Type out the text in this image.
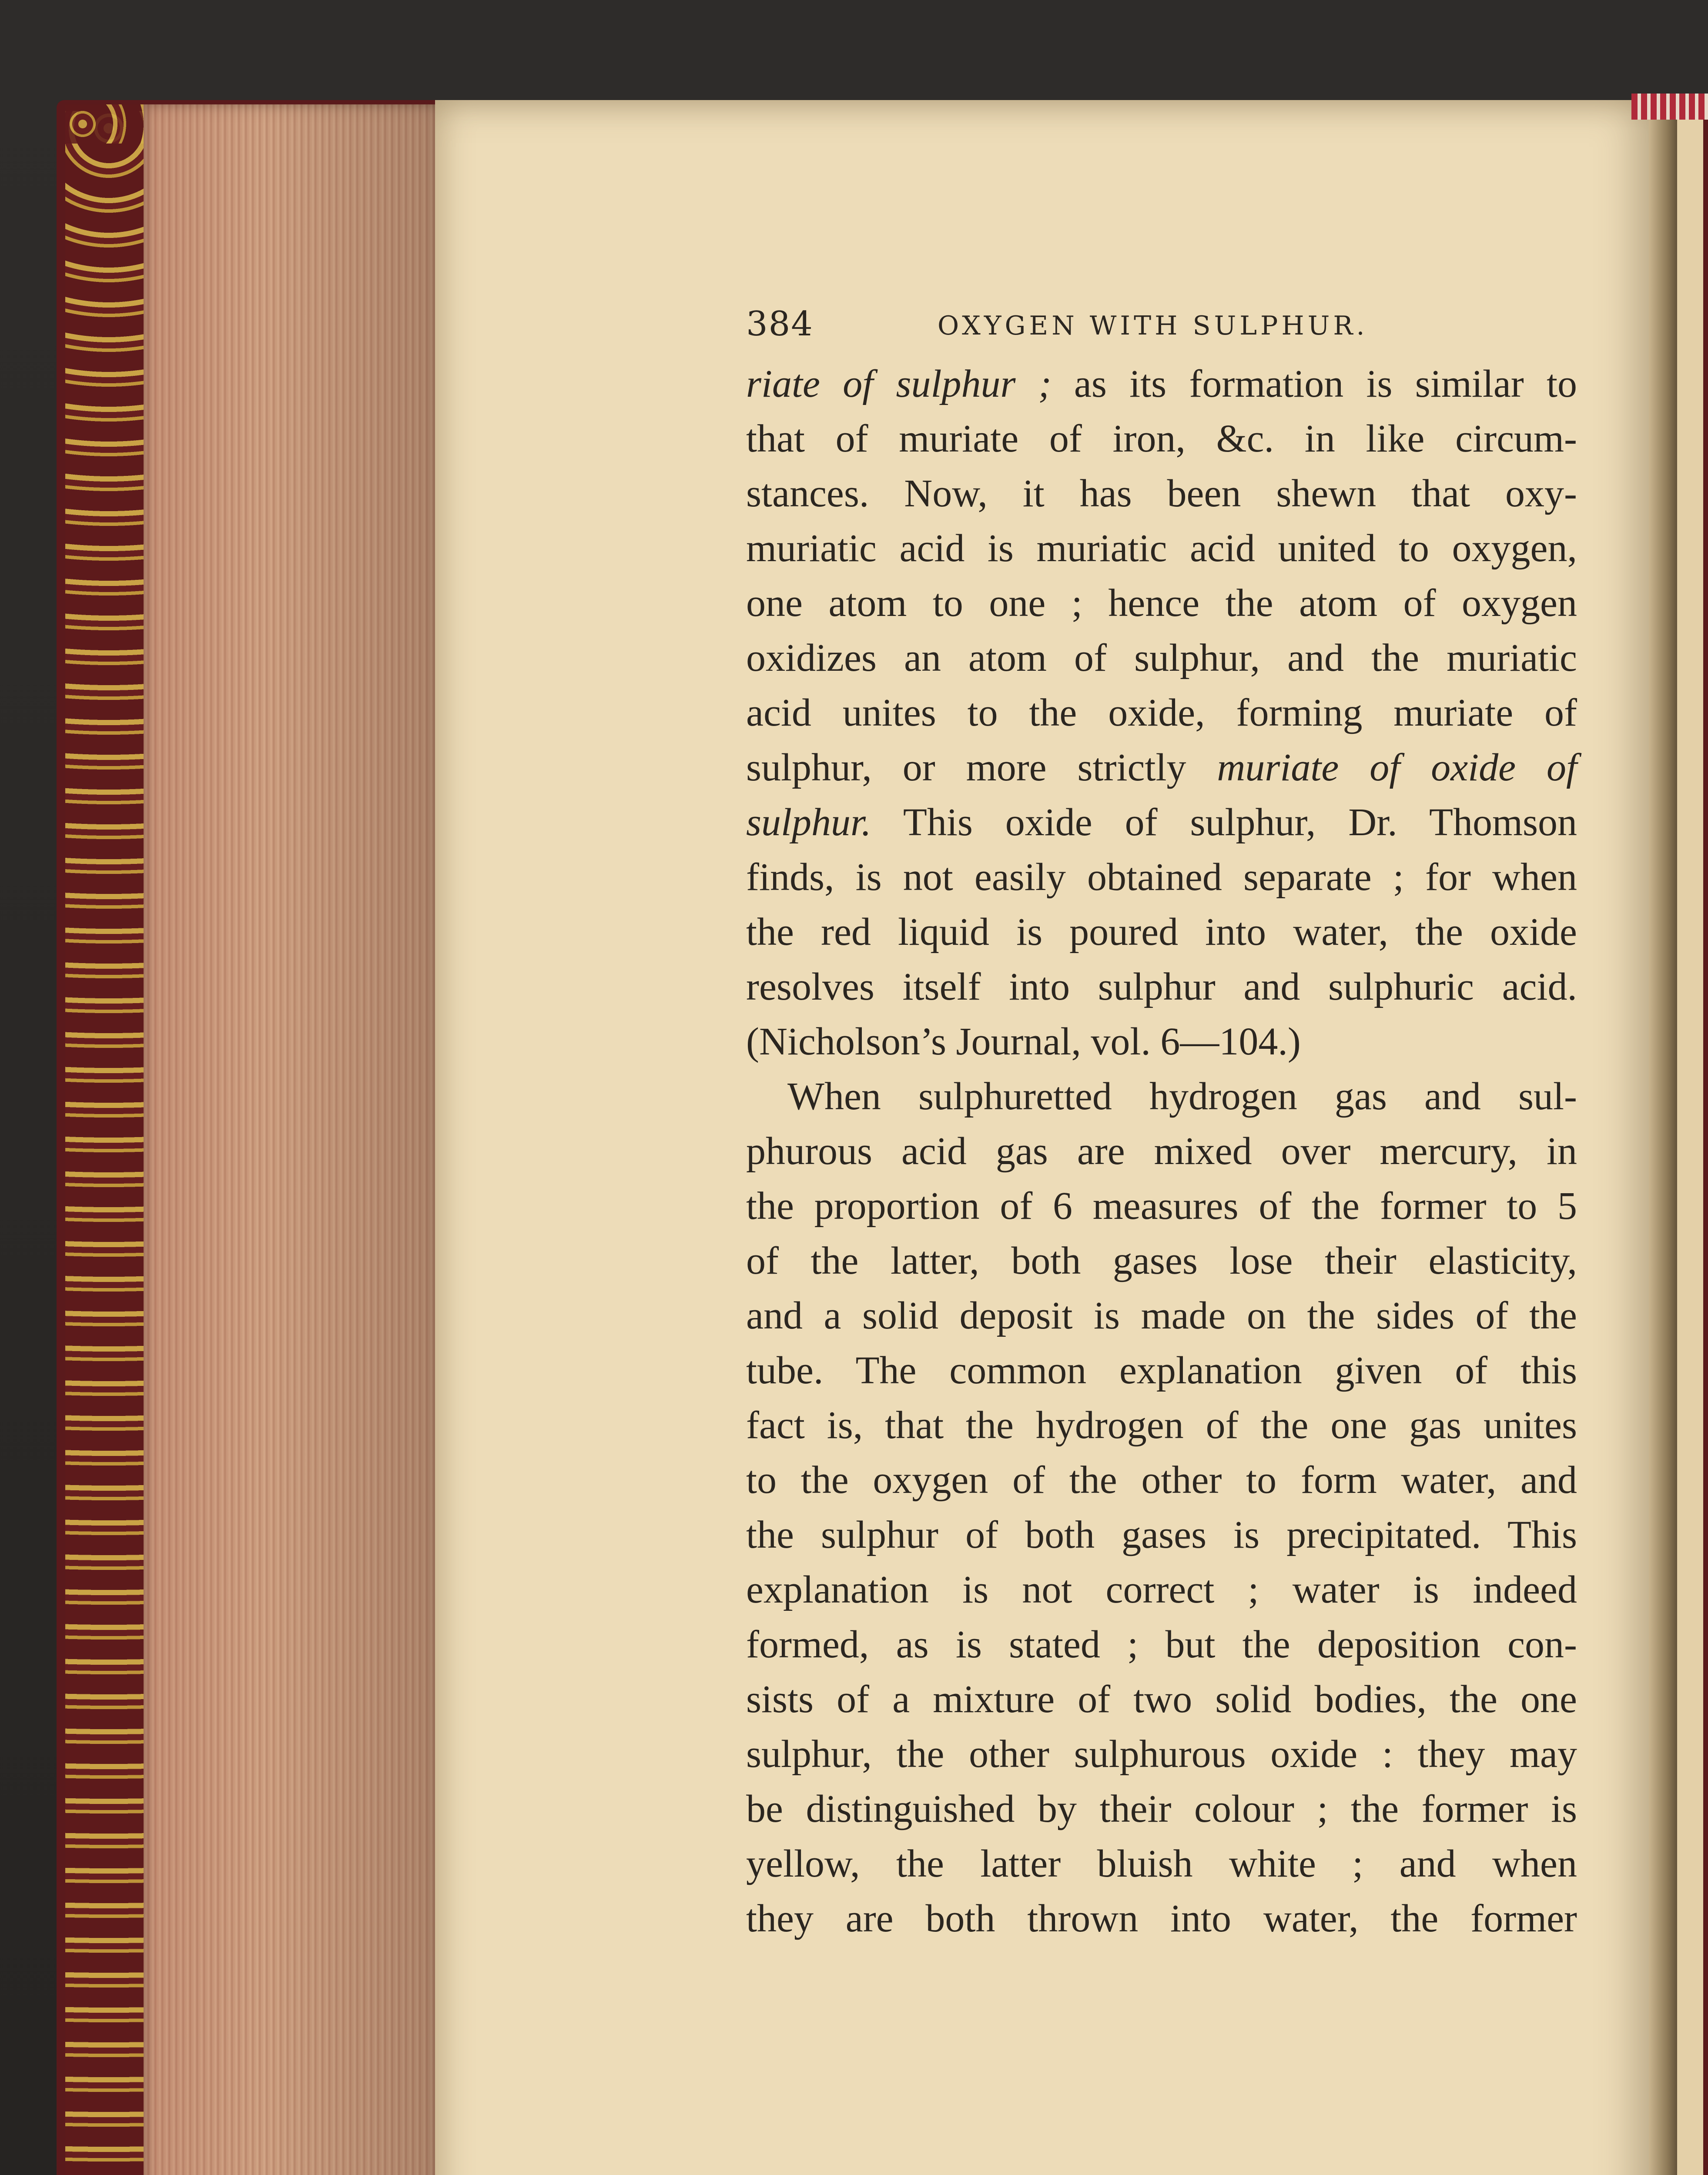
384	OXYGEN WITH SULPHUR.
riate of sulphur ; as its formation is similar to
that of muriate of iron, &c. in like circum-
stances. Now, it has been shewn that oxy-
muriatic acid is muriatic acid united to oxygen,
one atom to one ; hence the atom of oxygen
oxidizes an atom of sulphur, and the muriatic
acid unites to the oxide, forming muriate of
sulphur, or more strictly muriate of oxide of
sulphur. This oxide of sulphur, Dr. Thomson
finds, is not easily obtained separate ; for when
the red liquid is poured into water, the oxide
resolves itself into sulphur and sulphuric acid.
(Nicholson’s Journal, vol. 6—104.)
When sulphuretted hydrogen gas and sul-
phurous acid gas are mixed over mercury, in
the proportion of 6 measures of the former to 5
of the latter, both gases lose their elasticity,
and a solid deposit is made on the sides of the
tube. The common explanation given of this
fact is, that the hydrogen of the one gas unites
to the oxygen of the other to form water, and
the sulphur of both gases is precipitated. This
explanation is not correct ; water is indeed
formed, as is stated ; but the deposition con-
sists of a mixture of two solid bodies, the one
sulphur, the other sulphurous oxide : they may
be distinguished by their colour ; the former is
yellow, the latter bluish white ; and when
they are both thrown into water, the former
